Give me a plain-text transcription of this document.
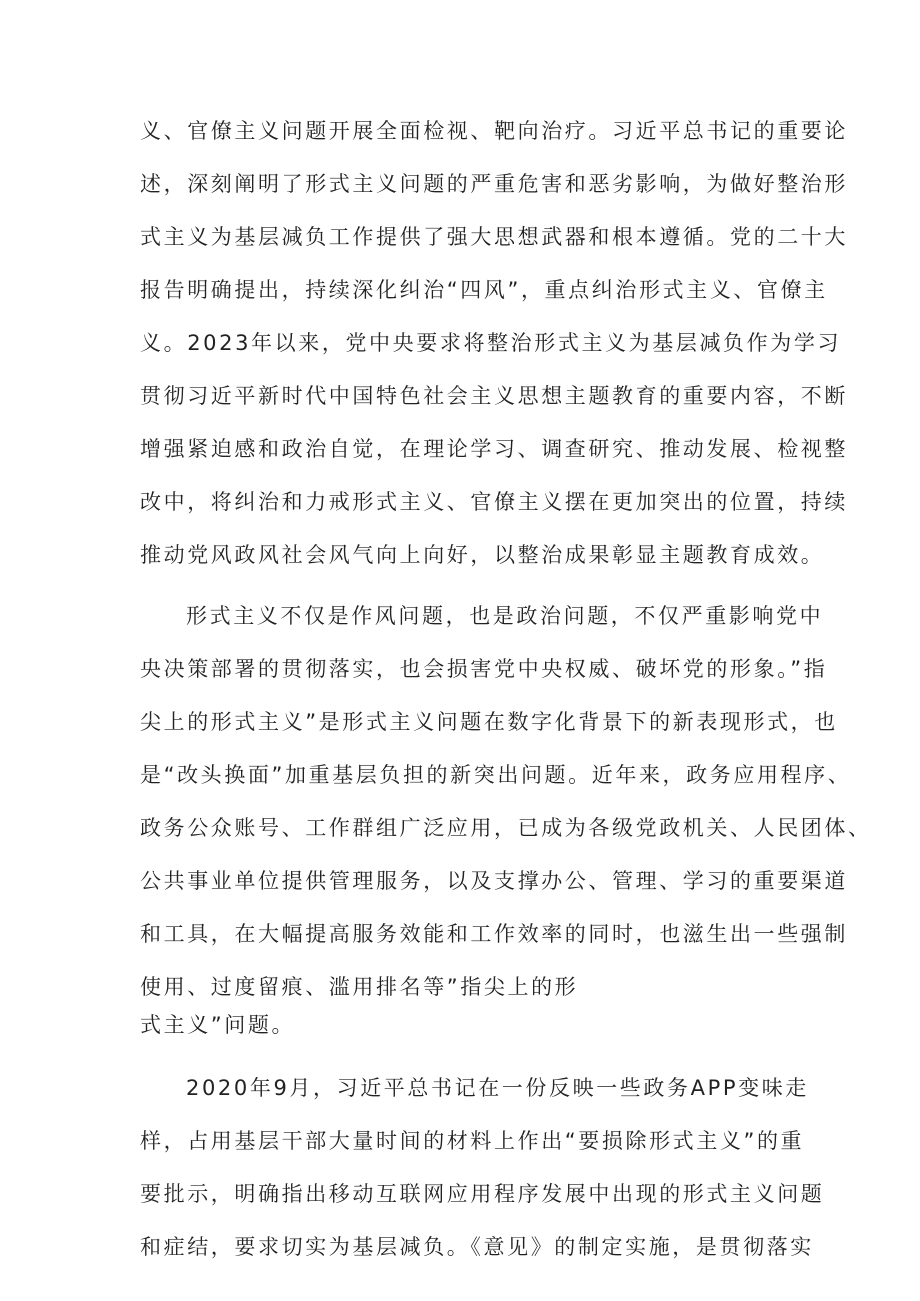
义、官僚主义问题开展全面检视、靶向治疗。习近平总书记的重要论
述，深刻阐明了形式主义问题的严重危害和恶劣影响，为做好整治形
式主义为基层减负工作提供了强大思想武器和根本遵循。党的二十大
报告明确提出，持续深化纠治“四风”，重点纠治形式主义、官僚主
义。2023年以来，党中央要求将整治形式主义为基层减负作为学习
贯彻习近平新时代中国特色社会主义思想主题教育的重要内容，不断
增强紧迫感和政治自觉，在理论学习、调查研究、推动发展、检视整
改中，将纠治和力戒形式主义、官僚主义摆在更加突出的位置，持续
推动党风政风社会风气向上向好，以整治成果彰显主题教育成效。
形式主义不仅是作风问题，也是政治问题，不仅严重影响党中
央决策部署的贯彻落实，也会损害党中央权威、破坏党的形象。”指
尖上的形式主义”是形式主义问题在数字化背景下的新表现形式，也
是“改头换面”加重基层负担的新突出问题。近年来，政务应用程序、
政务公众账号、工作群组广泛应用，已成为各级党政机关、人民团体、
公共事业单位提供管理服务，以及支撑办公、管理、学习的重要渠道
和工具，在大幅提高服务效能和工作效率的同时，也滋生出一些强制
使用、过度留痕、滥用排名等”指尖上的形
式主义”问题。
2020年9月，习近平总书记在一份反映一些政务APP变味走
样，占用基层干部大量时间的材料上作出“要损除形式主义”的重
要批示，明确指出移动互联网应用程序发展中出现的形式主义问题
和症结，要求切实为基层减负。《意见》的制定实施，是贯彻落实
